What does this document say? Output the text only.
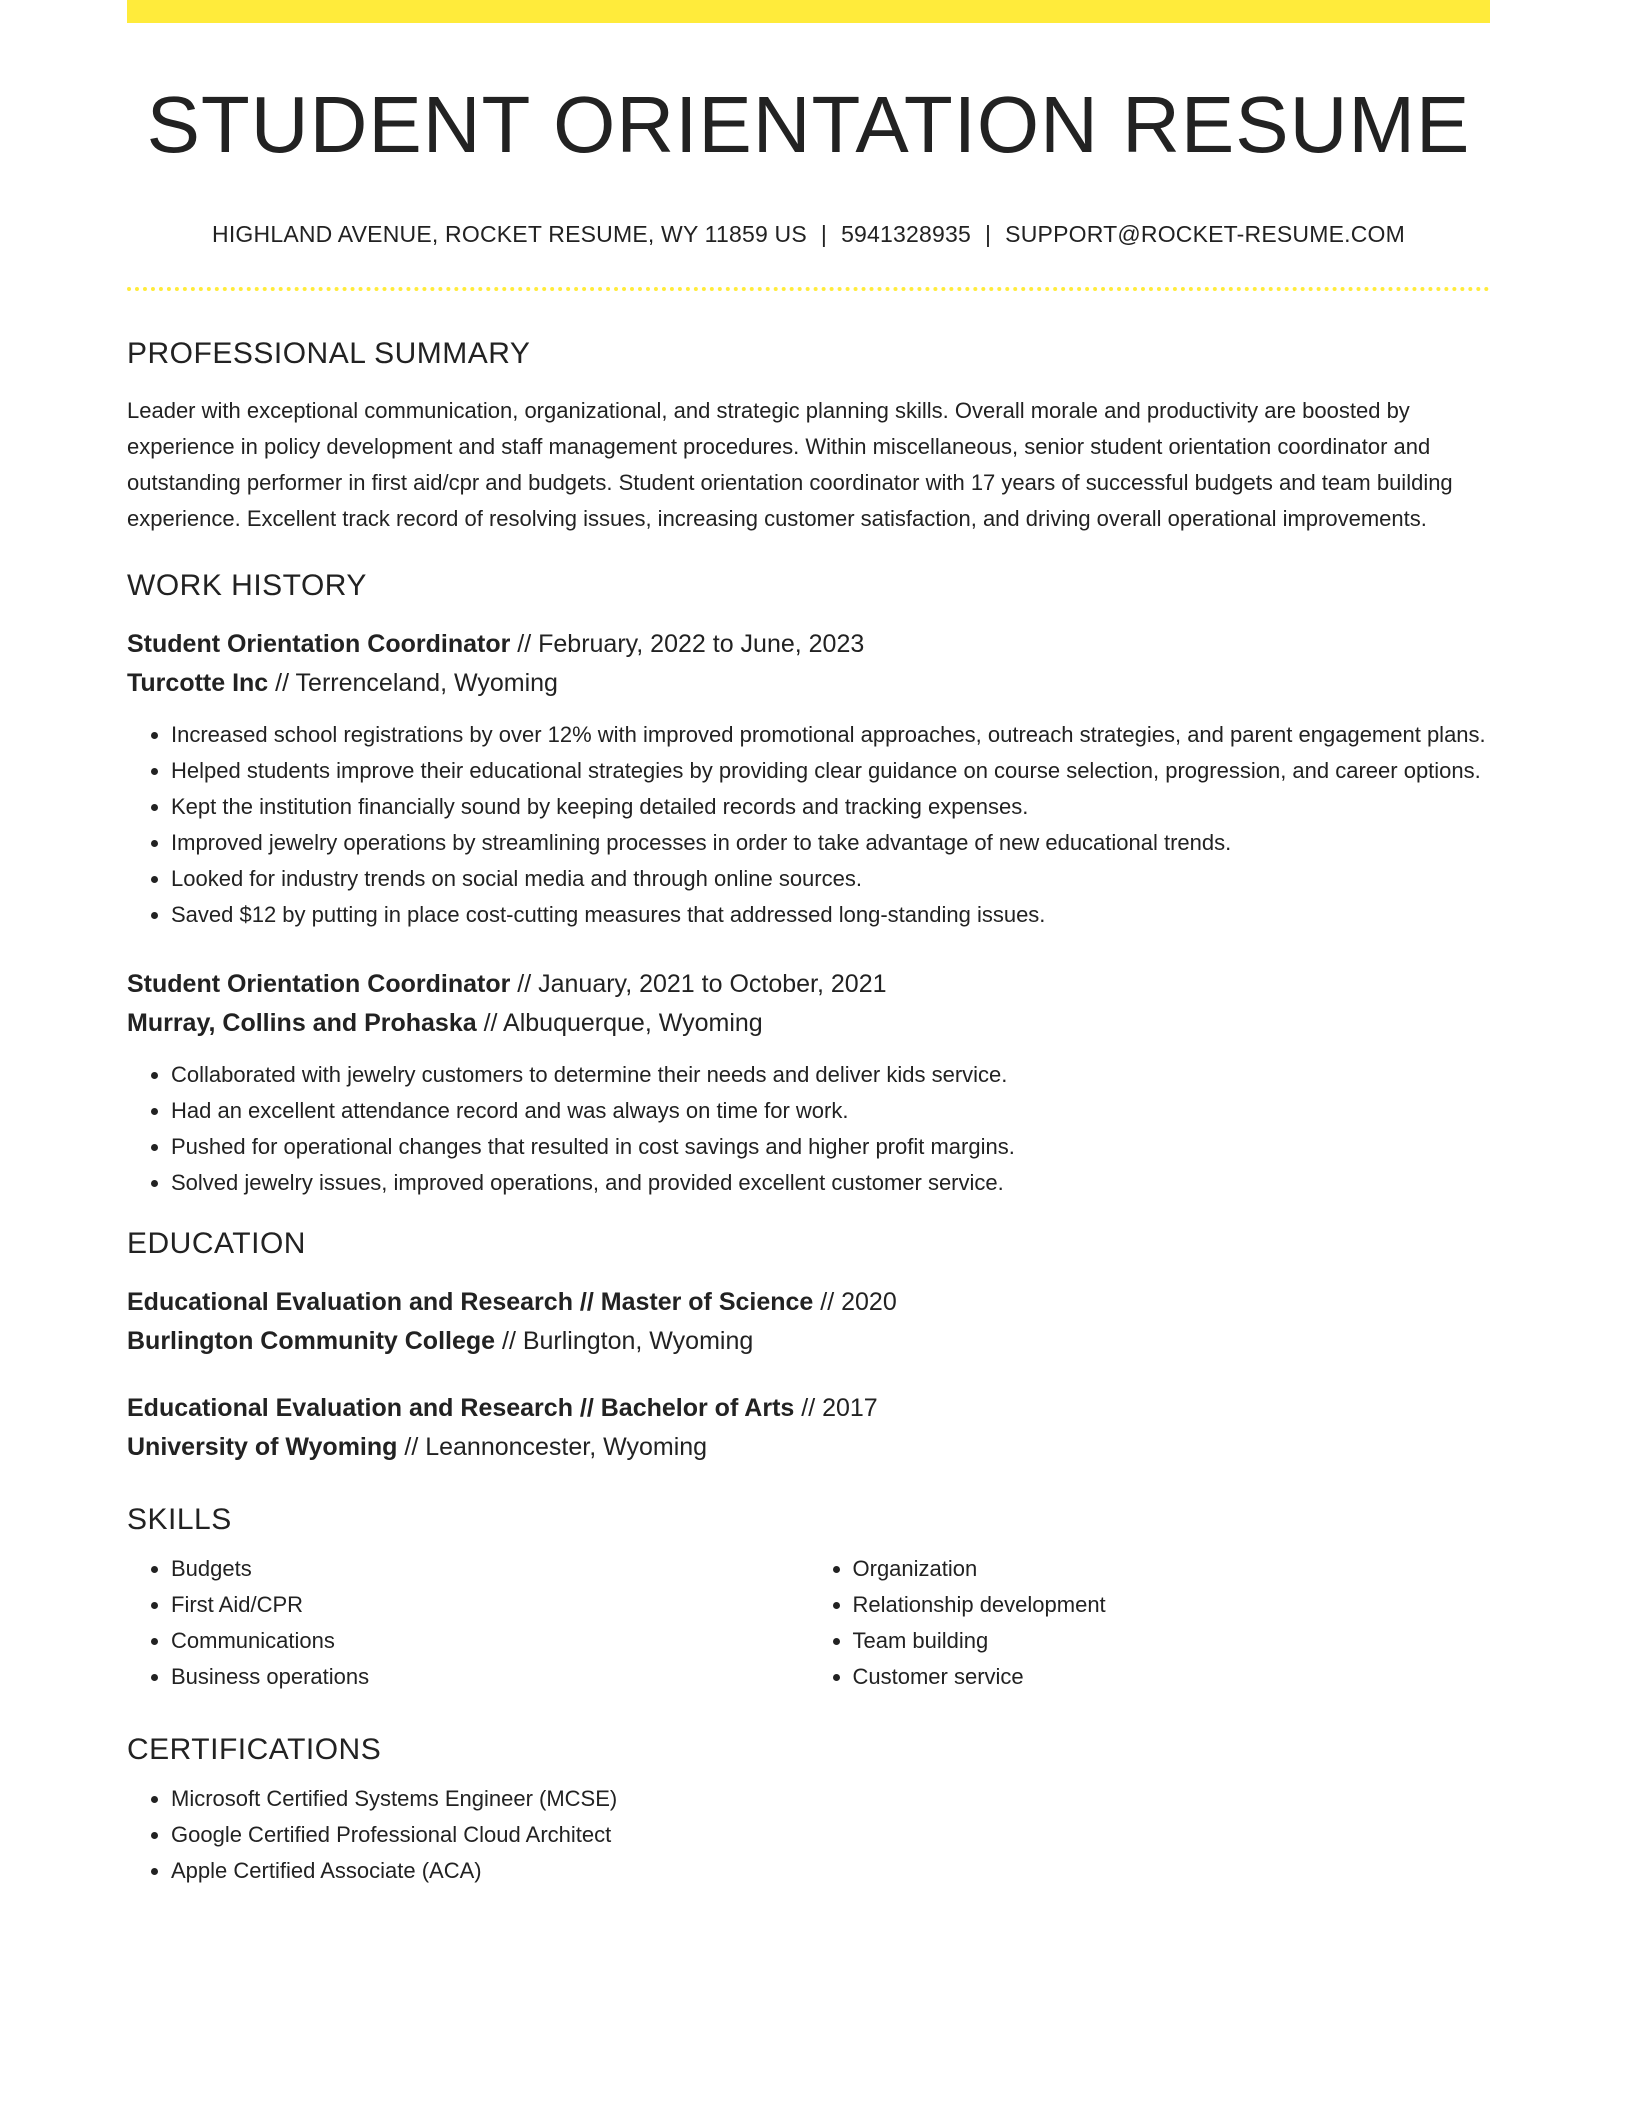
STUDENT ORIENTATION RESUME
HIGHLAND AVENUE, ROCKET RESUME, WY 11859 US | 5941328935 | SUPPORT@ROCKET-RESUME.COM
PROFESSIONAL SUMMARY

Leader with exceptional communication, organizational, and strategic planning skills. Overall morale and productivity are boosted by experience in policy development and staff management procedures. Within miscellaneous, senior student orientation coordinator and outstanding performer in first aid/cpr and budgets. Student orientation coordinator with 17 years of successful budgets and team building experience. Excellent track record of resolving issues, increasing customer satisfaction, and driving overall operational improvements.

WORK HISTORY
Student Orientation Coordinator // February, 2022 to June, 2023
Turcotte Inc // Terrenceland, Wyoming
• Increased school registrations by over 12% with improved promotional approaches, outreach strategies, and parent engagement plans.
• Helped students improve their educational strategies by providing clear guidance on course selection, progression, and career options.
• Kept the institution financially sound by keeping detailed records and tracking expenses.
• Improved jewelry operations by streamlining processes in order to take advantage of new educational trends.
• Looked for industry trends on social media and through online sources.
• Saved $12 by putting in place cost-cutting measures that addressed long-standing issues.
Student Orientation Coordinator // January, 2021 to October, 2021
Murray, Collins and Prohaska // Albuquerque, Wyoming
• Collaborated with jewelry customers to determine their needs and deliver kids service.
• Had an excellent attendance record and was always on time for work.
• Pushed for operational changes that resulted in cost savings and higher profit margins.
• Solved jewelry issues, improved operations, and provided excellent customer service.
EDUCATION
Educational Evaluation and Research // Master of Science // 2020
Burlington Community College // Burlington, Wyoming
Educational Evaluation and Research // Bachelor of Arts // 2017
University of Wyoming // Leannoncester, Wyoming
SKILLS
• Budgets
• First Aid/CPR
• Communications
• Business operations
• Organization
• Relationship development
• Team building
• Customer service
CERTIFICATIONS
• Microsoft Certified Systems Engineer (MCSE)
• Google Certified Professional Cloud Architect
• Apple Certified Associate (ACA)
